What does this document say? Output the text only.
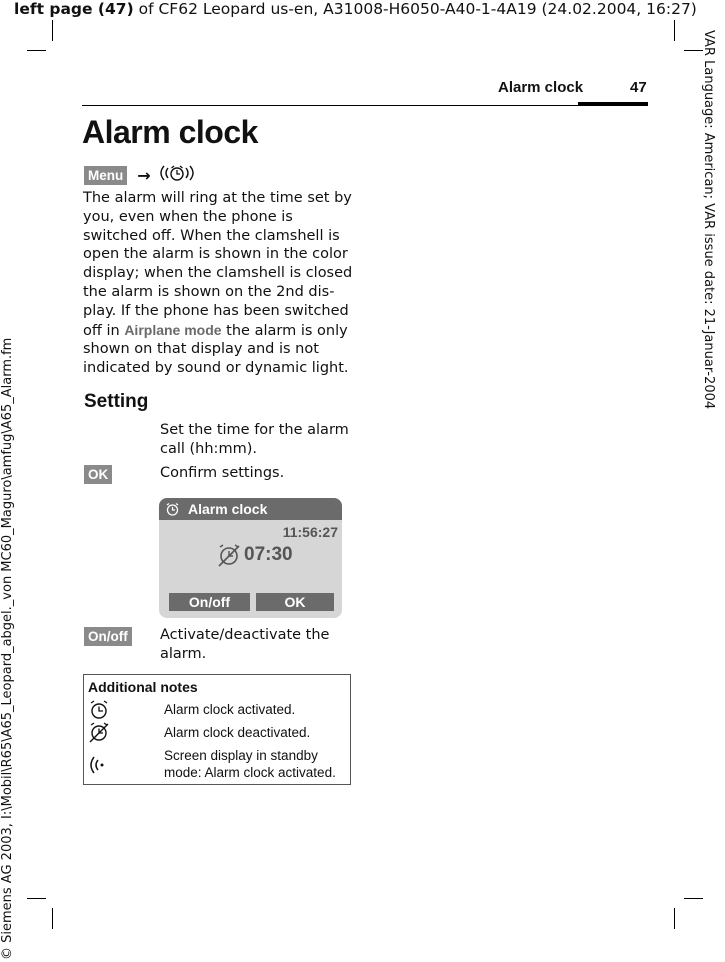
left page (47) of CF62 Leopard us-en, A31008-H6050-A40-1-4A19 (24.02.2004, 16:27)
VAR Language: American; VAR issue date: 21-Januar-2004
© Siemens AG 2003, I:\Mobil\R65\A65_Leopard_abgel._von MC60_Maguro\amfug\A65_Alarm.fm
Alarm clock	47
Alarm clock
Menu →
The alarm will ring at the time set by you, even when the phone is switched off. When the clamshell is open the alarm is shown in the color display; when the clamshell is closed the alarm is shown on the 2nd dis-play. If the phone has been switched off in Airplane mode the alarm is only shown on that display and is not indicated by sound or dynamic light.
Setting
Set the time for the alarm call (hh:mm).
OK	Confirm settings.
Alarm clock
11:56:27
07:30
On/off	OK
On/off Activate/deactivate the alarm.
Additional notes
Alarm clock activated.
Alarm clock deactivated.
Screen display in standby mode: Alarm clock activated.
